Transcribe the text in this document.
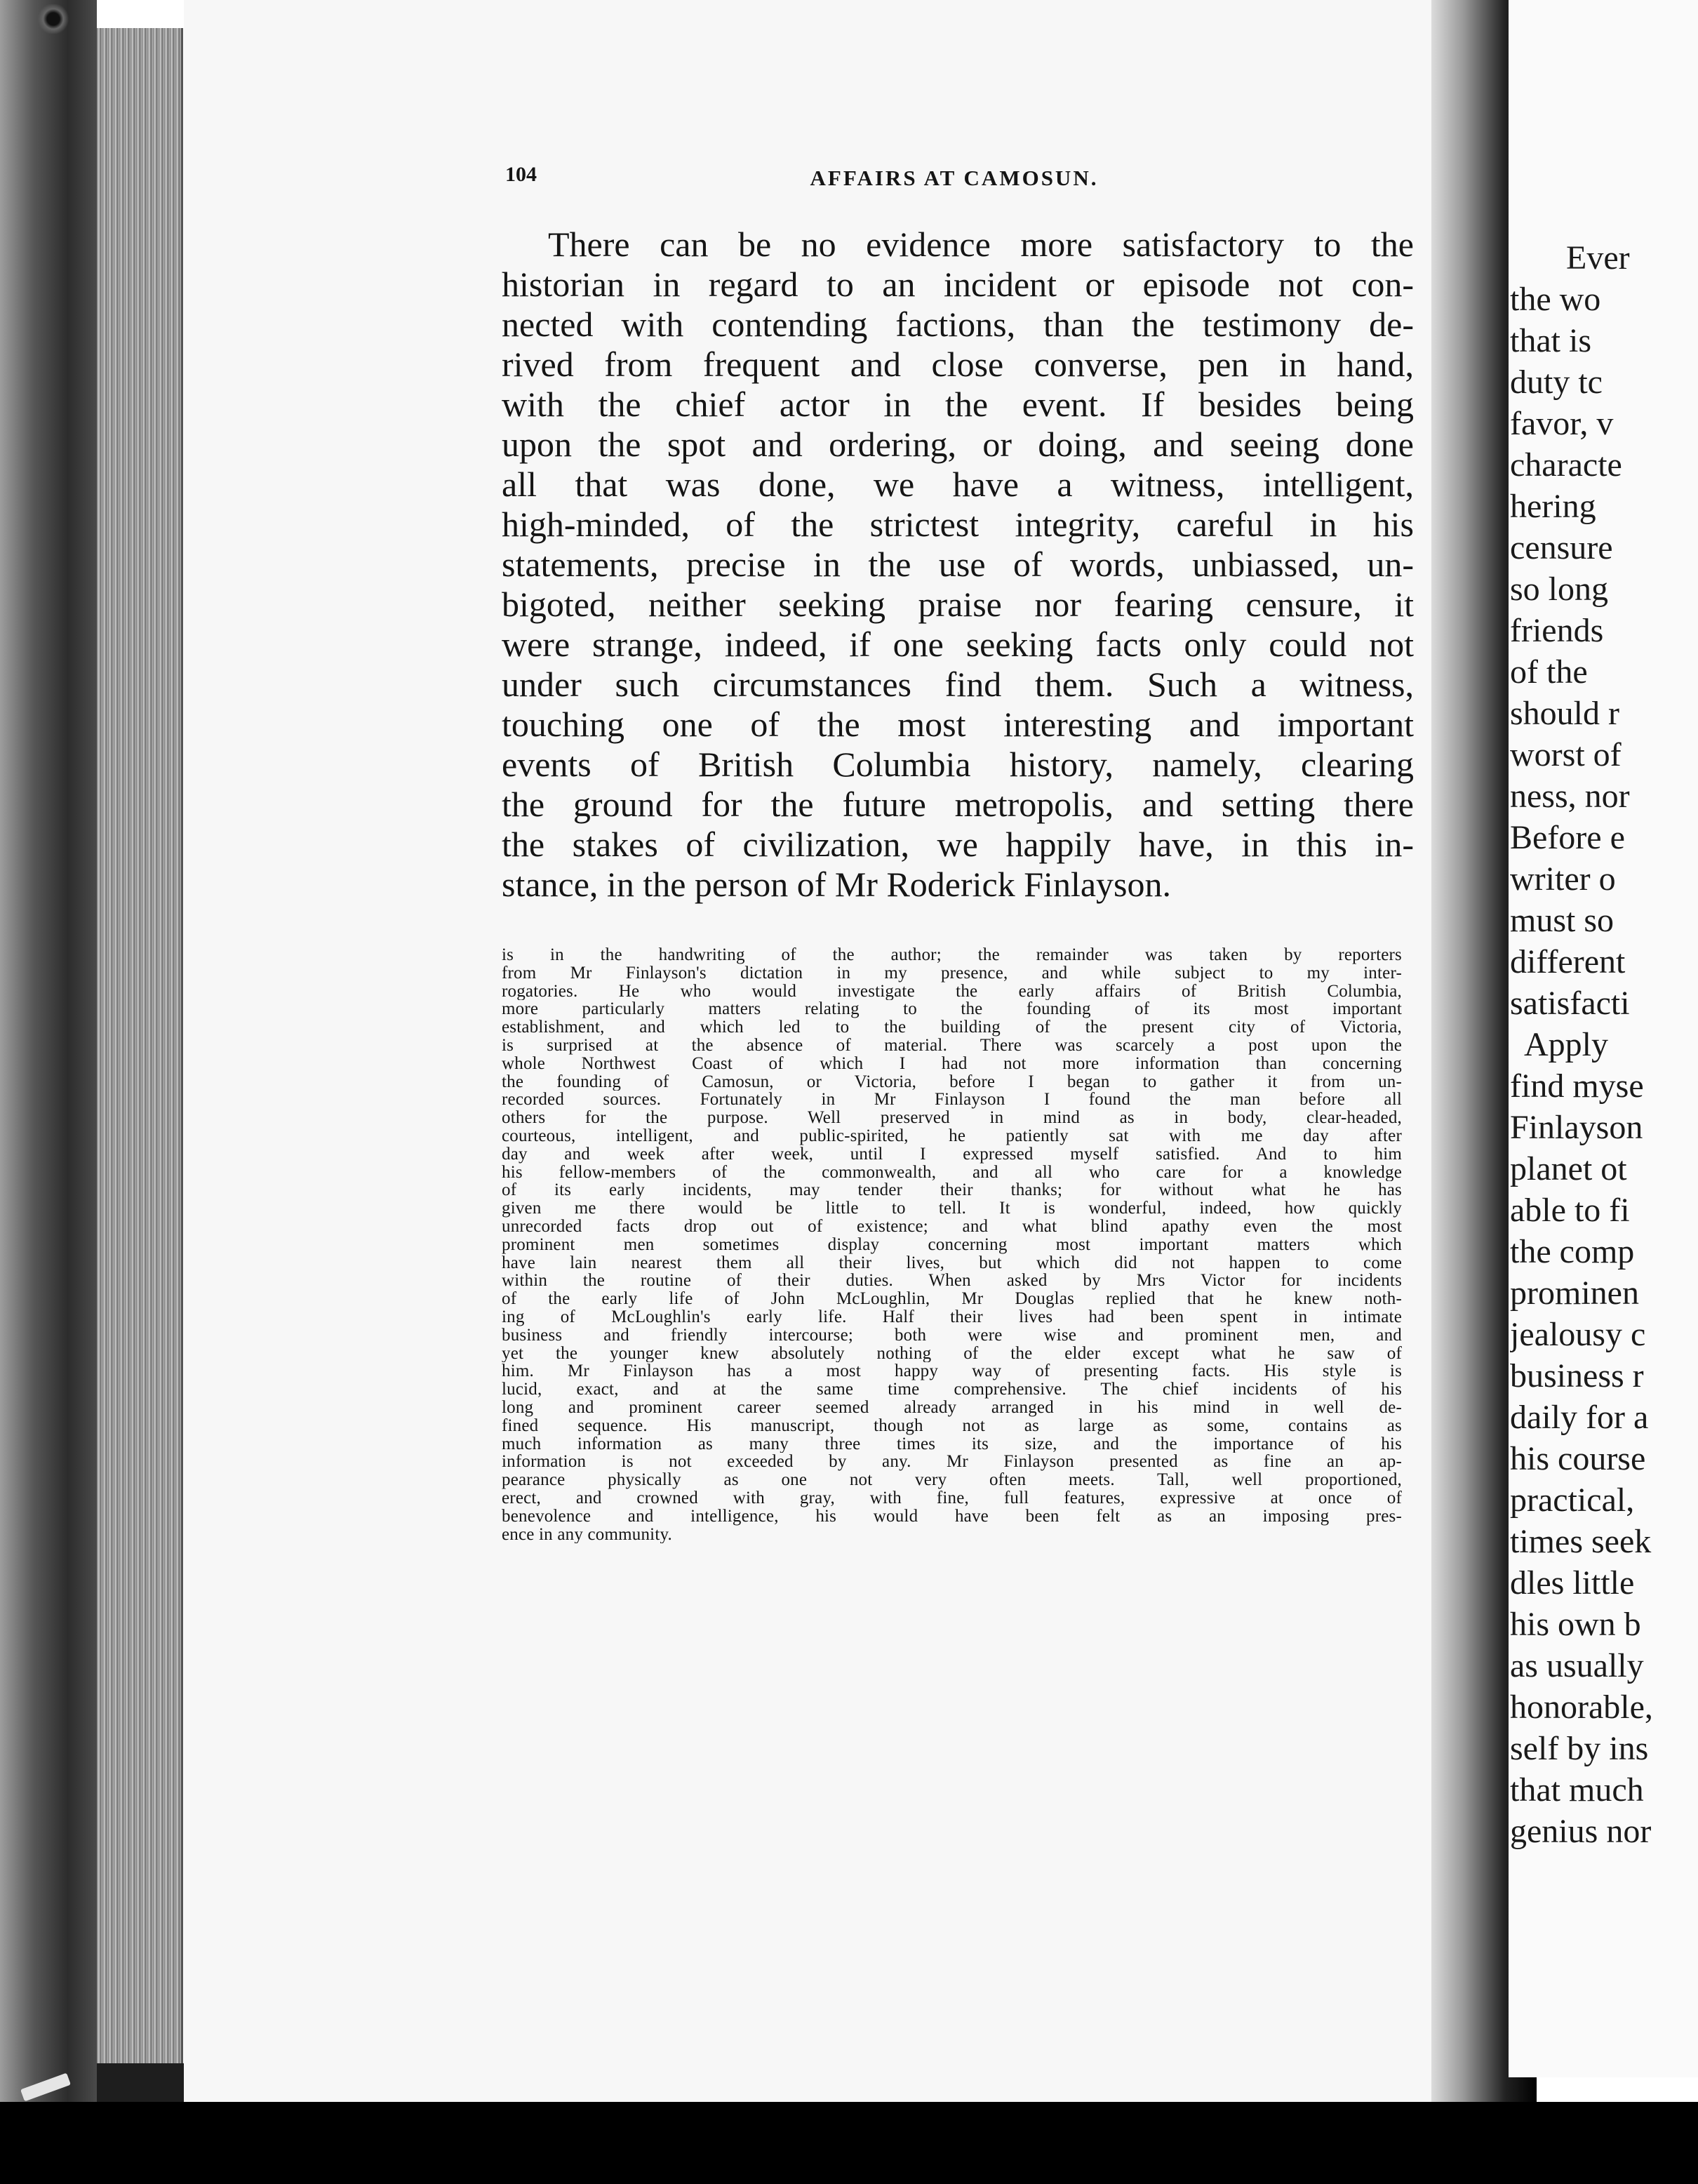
104	AFFAIRS AT CAMOSUN.
There can be no evidence more satisfactory to the
historian in regard to an incident or episode not con-
nected with contending factions, than the testimony de-
rived from frequent and close converse, pen in hand,
with the chief actor in the event. If besides being
upon the spot and ordering, or doing, and seeing done
all that was done, we have a witness, intelligent,
high-minded, of the strictest integrity, careful in his
statements, precise in the use of words, unbiassed, un-
bigoted, neither seeking praise nor fearing censure, it
were strange, indeed, if one seeking facts only could not
under such circumstances find them. Such a witness,
touching one of the most interesting and important
events of British Columbia history, namely, clearing
the ground for the future metropolis, and setting there
the stakes of civilization, we happily have, in this in-
stance, in the person of Mr Roderick Finlayson.
is in the handwriting of the author; the remainder was taken by reporters
from Mr Finlayson's dictation in my presence, and while subject to my inter-
rogatories. He who would investigate the early affairs of British Columbia,
more particularly matters relating to the founding of its most important
establishment, and which led to the building of the present city of Victoria,
is surprised at the absence of material. There was scarcely a post upon the
whole Northwest Coast of which I had not more information than concerning
the founding of Camosun, or Victoria, before I began to gather it from un-
recorded sources. Fortunately in Mr Finlayson I found the man before all
others for the purpose. Well preserved in mind as in body, clear-headed,
courteous, intelligent, and public-spirited, he patiently sat with me day after
day and week after week, until I expressed myself satisfied. And to him
his fellow-members of the commonwealth, and all who care for a knowledge
of its early incidents, may tender their thanks; for without what he has
given me there would be little to tell. It is wonderful, indeed, how quickly
unrecorded facts drop out of existence; and what blind apathy even the most
prominent men sometimes display concerning most important matters which
have lain nearest them all their lives, but which did not happen to come
within the routine of their duties. When asked by Mrs Victor for incidents
of the early life of John McLoughlin, Mr Douglas replied that he knew noth-
ing of McLoughlin's early life. Half their lives had been spent in intimate
business and friendly intercourse; both were wise and prominent men, and
yet the younger knew absolutely nothing of the elder except what he saw of
him. Mr Finlayson has a most happy way of presenting facts. His style is
lucid, exact, and at the same time comprehensive. The chief incidents of his
long and prominent career seemed already arranged in his mind in well de-
fined sequence. His manuscript, though not as large as some, contains as
much information as many three times its size, and the importance of his
information is not exceeded by any. Mr Finlayson presented as fine an ap-
pearance physically as one not very often meets. Tall, well proportioned,
erect, and crowned with gray, with fine, full features, expressive at once of
benevolence and intelligence, his would have been felt as an imposing pres-
ence in any community.
Ever
the wo
that is
duty tc
favor, v
characte
hering
censure
so long
friends
of the
should r
worst of
ness, nor
Before e
writer o
must so
different
satisfacti
Apply
find myse
Finlayson
planet ot
able to fi
the comp
prominen
jealousy c
business r
daily for a
his course
practical,
times seek
dles little
his own b
as usually
honorable,
self by ins
that much
genius nor
